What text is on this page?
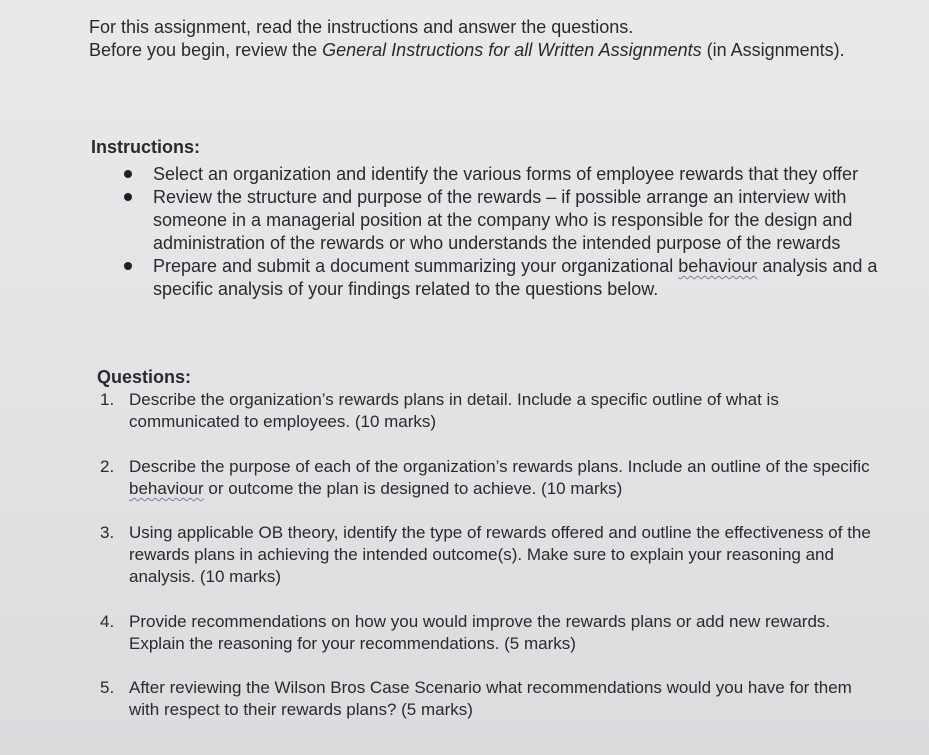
For this assignment, read the instructions and answer the questions.

Before you begin, review the General Instructions for all Written Assignments (in Assignments).

Instructions:

Select an organization and identify the various forms of employee rewards that they offer
Review the structure and purpose of the rewards – if possible arrange an interview with someone in a managerial position at the company who is responsible for the design and administration of the rewards or who understands the intended purpose of the rewards
Prepare and submit a document summarizing your organizational behaviour analysis and a specific analysis of your findings related to the questions below.

Questions:

1. Describe the organization’s rewards plans in detail. Include a specific outline of what is communicated to employees. (10 marks)
2. Describe the purpose of each of the organization’s rewards plans. Include an outline of the specific behaviour or outcome the plan is designed to achieve. (10 marks)
3. Using applicable OB theory, identify the type of rewards offered and outline the effectiveness of the rewards plans in achieving the intended outcome(s). Make sure to explain your reasoning and analysis. (10 marks)
4. Provide recommendations on how you would improve the rewards plans or add new rewards. Explain the reasoning for your recommendations. (5 marks)
5. After reviewing the Wilson Bros Case Scenario what recommendations would you have for them with respect to their rewards plans? (5 marks)
